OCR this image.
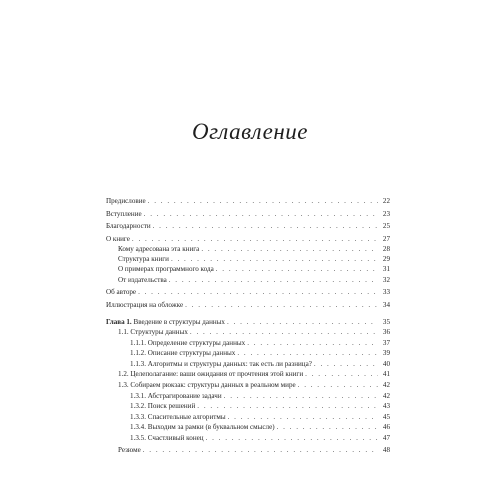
Оглавление
Предисловие . . .	22
Вступление . . .	23
Благодарности . . .	25
О книге . . .	27
Кому адресована эта книга . . .	28
Структура книги . . .	29
О примерах программного кода . . .	31
От издательства . . .	32
Об авторе . . .	33
Иллюстрация на обложке . . .	34
Глава 1. Введение в структуры данных . . .	35
1.1. Структуры данных . . .	36
1.1.1. Определение структуры данных . . .	37
1.1.2. Описание структуры данных . . .	39
1.1.3. Алгоритмы и структуры данных: так есть ли разница? . . .	40
1.2. Целеполагание: ваши ожидания от прочтения этой книги . . .	41
1.3. Собираем рюкзак: структуры данных в реальном мире . . .	42
1.3.1. Абстрагирование задачи . . .	42
1.3.2. Поиск решений . . .	43
1.3.3. Спасительные алгоритмы . . .	45
1.3.4. Выходим за рамки (в буквальном смысле) . . .	46
1.3.5. Счастливый конец . . .	47
Резюме . . .	48
